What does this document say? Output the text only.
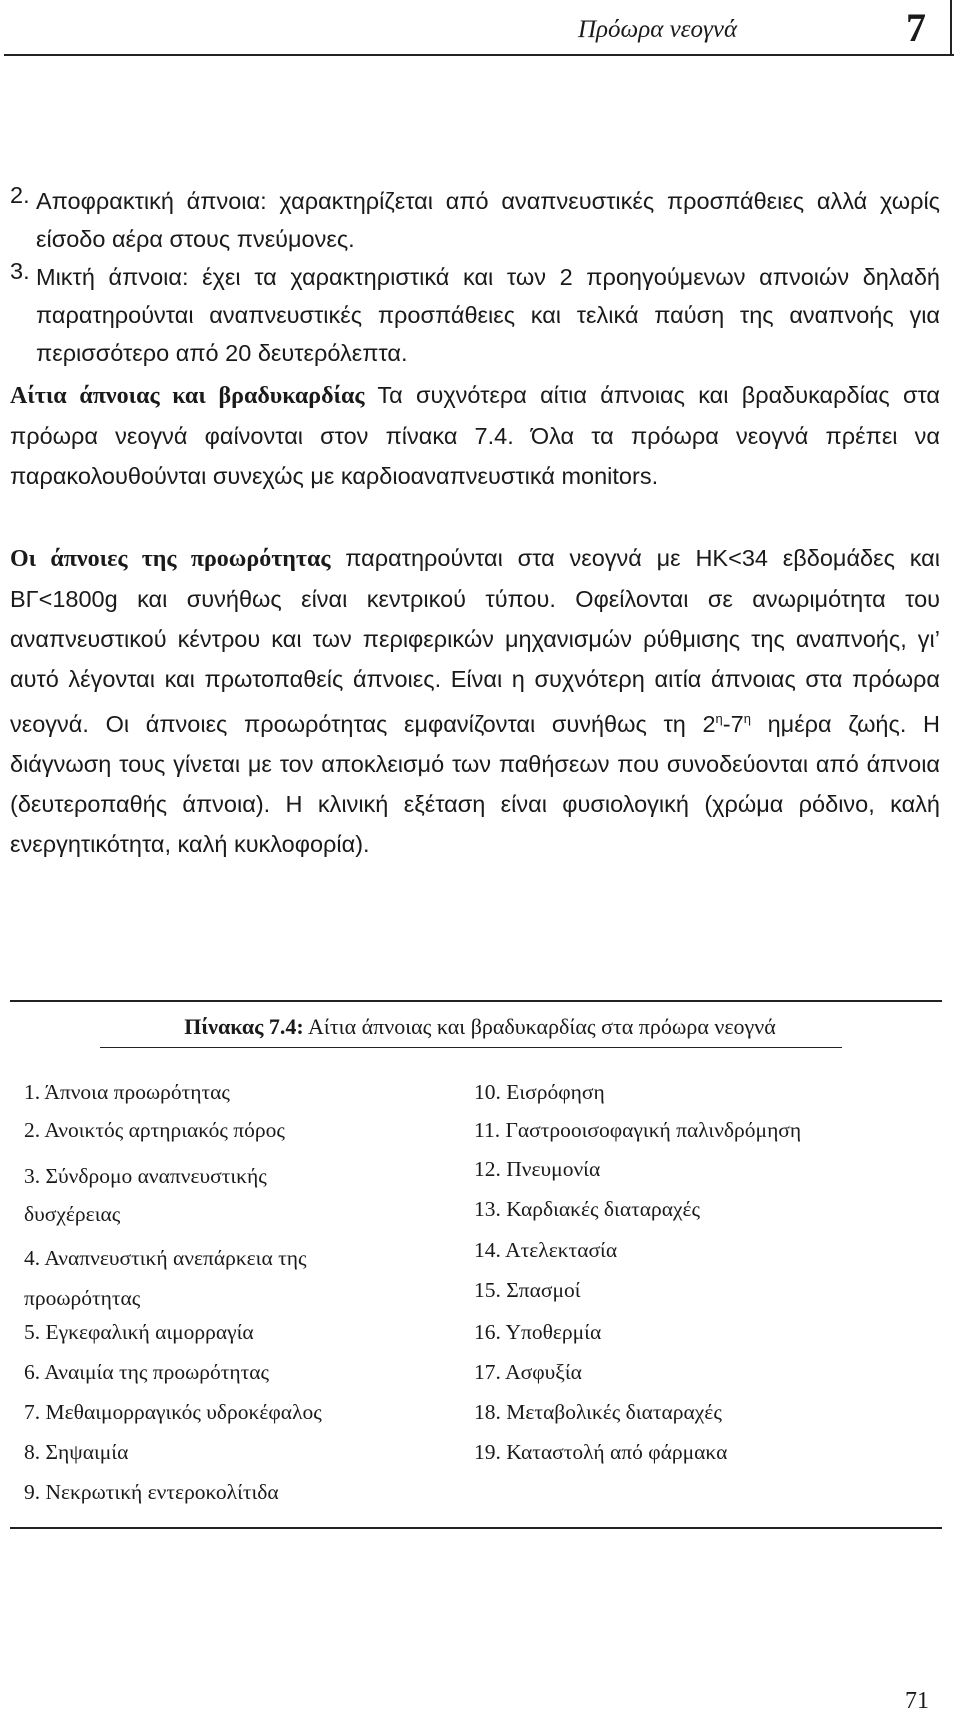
Πρόωρα νεογνά	7
2. Αποφρακτική άπνοια: χαρακτηρίζεται από αναπνευστικές προσπάθειες αλλά χωρίς είσοδο αέρα στους πνεύμονες.
3. Μικτή άπνοια: έχει τα χαρακτηριστικά και των 2 προηγούμενων απνοιών δηλαδή παρατηρούνται αναπνευστικές προσπάθειες και τελικά παύση της αναπνοής για περισσότερο από 20 δευτερόλεπτα.
Αίτια άπνοιας και βραδυκαρδίας Τα συχνότερα αίτια άπνοιας και βραδυκαρδίας στα πρόωρα νεογνά φαίνονται στον πίνακα 7.4. Όλα τα πρόωρα νεογνά πρέπει να παρακολουθούνται συνεχώς με καρδιοαναπνευστικά monitors.
Οι άπνοιες της προωρότητας παρατηρούνται στα νεογνά με ΗΚ<34 εβδομάδες και ΒΓ<1800g και συνήθως είναι κεντρικού τύπου. Οφείλονται σε ανωριμότητα του αναπνευστικού κέντρου και των περιφερικών μηχανισμών ρύθμισης της αναπνοής, γι’ αυτό λέγονται και πρωτοπαθείς άπνοιες. Είναι η συχνότερη αιτία άπνοιας στα πρόωρα νεογνά. Οι άπνοιες προωρότητας εμφανίζονται συνήθως τη $2^\eta-7^\eta$ ημέρα ζωής. Η διάγνωση τους γίνεται με τον αποκλεισμό των παθήσεων που συνοδεύονται από άπνοια (δευτεροπαθής άπνοια). Η κλινική εξέταση είναι φυσιολογική (χρώμα ρόδινο, καλή ενεργητικότητα, καλή κυκλοφορία).
Πίνακας 7.4: Αίτια άπνοιας και βραδυκαρδίας στα πρόωρα νεογνά
1. Άπνοια προωρότητας
2. Ανοικτός αρτηριακός πόρος
3. Σύνδρομο αναπνευστικής δυσχέρειας
4. Αναπνευστική ανεπάρκεια της προωρότητας
5. Εγκεφαλική αιμορραγία
6. Αναιμία της προωρότητας
7. Μεθαιμορραγικός υδροκέφαλος
8. Σηψαιμία
9. Νεκρωτική εντεροκολίτιδα
10. Εισρόφηση
11. Γαστροοισοφαγική παλινδρόμηση
12. Πνευμονία
13. Καρδιακές διαταραχές
14. Ατελεκτασία
15. Σπασμοί
16. Υποθερμία
17. Ασφυξία
18. Μεταβολικές διαταραχές
19. Καταστολή από φάρμακα
71
